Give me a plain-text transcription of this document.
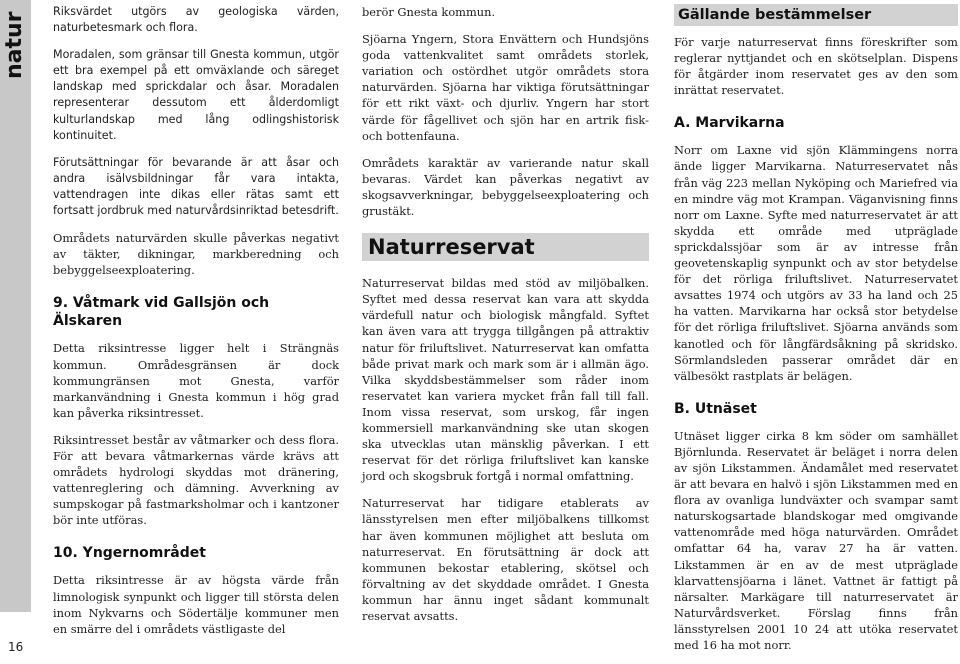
natur
16

Riksvärdet utgörs av geologiska värden, naturbetesmark och flora.

Moradalen, som gränsar till Gnesta kommun, utgör ett bra exempel på ett omväxlande och säreget landskap med sprickdalar och åsar. Moradalen representerar dessutom ett ålderdomligt kulturlandskap med lång odlingshistorisk kontinuitet.

Förutsättningar för bevarande är att åsar och andra isälvsbildningar får vara intakta, vattendragen inte dikas eller rätas samt ett fortsatt jordbruk med naturvårdsinriktad betesdrift.

Områdets naturvärden skulle påverkas negativt av täkter, dikningar, markberedning och bebyggelseexploatering.

9. Våtmark vid Gallsjön och Älskaren

Detta riksintresse ligger helt i Strängnäs kommun. Områdesgränsen är dock kommungränsen mot Gnesta, varför markanvändning i Gnesta kommun i hög grad kan påverka riksintresset.

Riksintresset består av våtmarker och dess flora. För att bevara våtmarkernas värde krävs att områdets hydrologi skyddas mot dränering, vattenreglering och dämning. Avverkning av sumpskogar på fastmarksholmar och i kantzoner bör inte utföras.

10. Yngernområdet

Detta riksintresse är av högsta värde från limnologisk synpunkt och ligger till största delen inom Nykvarns och Södertälje kommuner men en smärre del i områdets västligaste del

berör Gnesta kommun.

Sjöarna Yngern, Stora Envättern och Hundsjöns goda vattenkvalitet samt områdets storlek, variation och ostördhet utgör områdets stora naturvärden. Sjöarna har viktiga förutsättningar för ett rikt växt- och djurliv. Yngern har stort värde för fågellivet och sjön har en artrik fisk- och bottenfauna.

Områdets karaktär av varierande natur skall bevaras. Värdet kan påverkas negativt av skogsavverkningar, bebyggelseexploatering och grustäkt.

Naturreservat

Naturreservat bildas med stöd av miljöbalken. Syftet med dessa reservat kan vara att skydda värdefull natur och biologisk mångfald. Syftet kan även vara att trygga tillgången på attraktiv natur för friluftslivet. Naturreservat kan omfatta både privat mark och mark som är i allmän ägo. Vilka skyddsbestämmelser som råder inom reservatet kan variera mycket från fall till fall. Inom vissa reservat, som urskog, får ingen kommersiell markanvändning ske utan skogen ska utvecklas utan mänsklig påverkan. I ett reservat för det rörliga friluftslivet kan kanske jord och skogsbruk fortgå i normal omfattning.

Naturreservat har tidigare etablerats av länsstyrelsen men efter miljöbalkens tillkomst har även kommunen möjlighet att besluta om naturreservat. En förutsättning är dock att kommunen bekostar etablering, skötsel och förvaltning av det skyddade området. I Gnesta kommun har ännu inget sådant kommunalt reservat avsatts.

Gällande bestämmelser

För varje naturreservat finns föreskrifter som reglerar nyttjandet och en skötselplan. Dispens för åtgärder inom reservatet ges av den som inrättat reservatet.

A. Marvikarna

Norr om Laxne vid sjön Klämmingens norra ände ligger Marvikarna. Naturreservatet nås från väg 223 mellan Nyköping och Mariefred via en mindre väg mot Krampan. Väganvisning finns norr om Laxne. Syfte med naturreservatet är att skydda ett område med utpräglade sprickdalssjöar som är av intresse från geovetenskaplig synpunkt och av stor betydelse för det rörliga friluftslivet. Naturreservatet avsattes 1974 och utgörs av 33 ha land och 25 ha vatten. Marvikarna har också stor betydelse för det rörliga friluftslivet. Sjöarna används som kanotled och för långfärdsåkning på skridsko. Sörmlandsleden passerar området där en välbesökt rastplats är belägen.

B. Utnäset

Utnäset ligger cirka 8 km söder om samhället Björnlunda. Reservatet är beläget i norra delen av sjön Likstammen. Ändamålet med reservatet är att bevara en halvö i sjön Likstammen med en flora av ovanliga lundväxter och svampar samt naturskogsartade blandskogar med omgivande vattenområde med höga naturvärden. Området omfattar 64 ha, varav 27 ha är vatten. Likstammen är en av de mest utpräglade klarvattensjöarna i länet. Vattnet är fattigt på närsalter. Markägare till naturreservatet är Naturvårdsverket. Förslag finns från länsstyrelsen 2001 10 24 att utöka reservatet med 16 ha mot norr.
